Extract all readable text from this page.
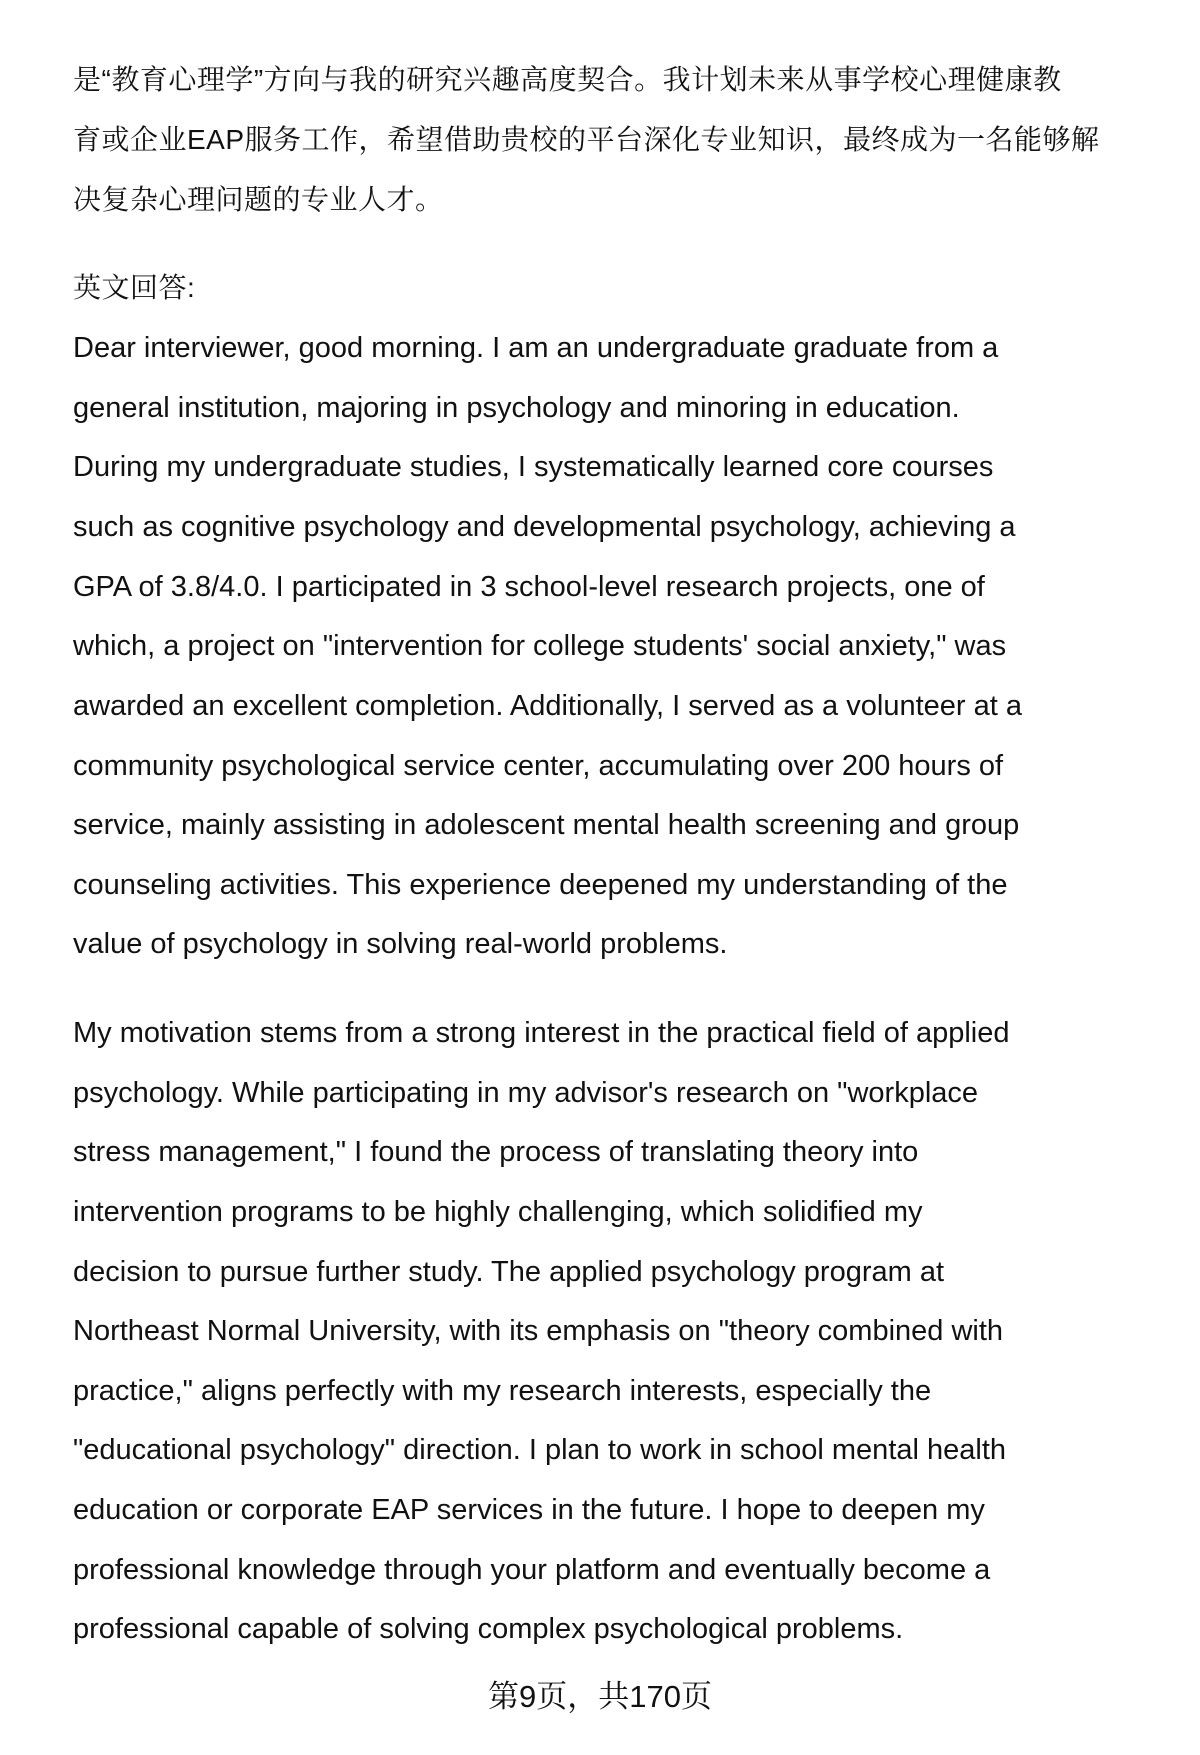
是“教育心理学”方向与我的研究兴趣高度契合。我计划未来从事学校心理健康教
育或企业EAP服务工作，希望借助贵校的平台深化专业知识，最终成为一名能够解
决复杂心理问题的专业人才。
英文回答:
Dear interviewer, good morning. I am an undergraduate graduate from a
general institution, majoring in psychology and minoring in education.
During my undergraduate studies, I systematically learned core courses
such as cognitive psychology and developmental psychology, achieving a
GPA of 3.8/4.0. I participated in 3 school-level research projects, one of
which, a project on "intervention for college students' social anxiety," was
awarded an excellent completion. Additionally, I served as a volunteer at a
community psychological service center, accumulating over 200 hours of
service, mainly assisting in adolescent mental health screening and group
counseling activities. This experience deepened my understanding of the
value of psychology in solving real-world problems.
My motivation stems from a strong interest in the practical field of applied
psychology. While participating in my advisor's research on "workplace
stress management," I found the process of translating theory into
intervention programs to be highly challenging, which solidified my
decision to pursue further study. The applied psychology program at
Northeast Normal University, with its emphasis on "theory combined with
practice," aligns perfectly with my research interests, especially the
"educational psychology" direction. I plan to work in school mental health
education or corporate EAP services in the future. I hope to deepen my
professional knowledge through your platform and eventually become a
professional capable of solving complex psychological problems.
第9页，共170页
